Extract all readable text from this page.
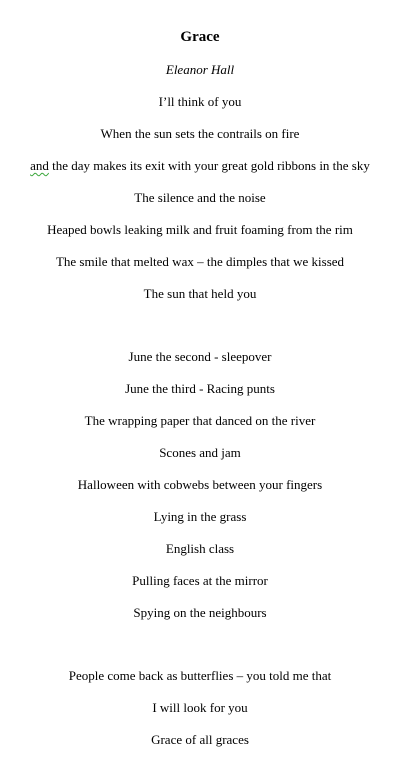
Grace
Eleanor Hall
I’ll think of you
When the sun sets the contrails on fire
and the day makes its exit with your great gold ribbons in the sky
The silence and the noise
Heaped bowls leaking milk and fruit foaming from the rim
The smile that melted wax – the dimples that we kissed
The sun that held you
June the second - sleepover
June the third - Racing punts
The wrapping paper that danced on the river
Scones and jam
Halloween with cobwebs between your fingers
Lying in the grass
English class
Pulling faces at the mirror
Spying on the neighbours
People come back as butterflies – you told me that
I will look for you
Grace of all graces
